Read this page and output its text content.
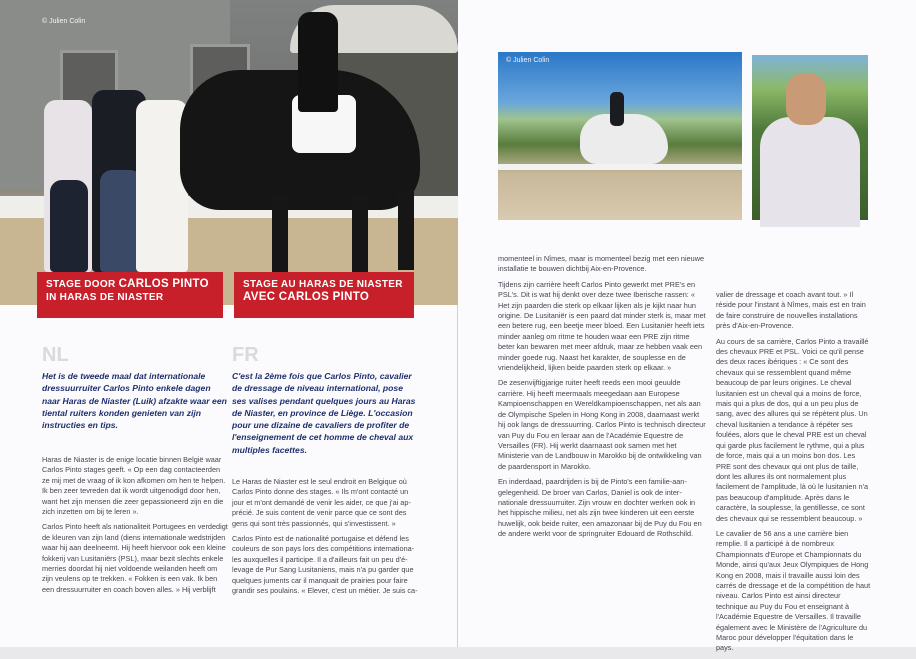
© Julien Colin
STAGE DOOR CARLOS PINTO
IN HARAS DE NIASTER
STAGE AU HARAS DE NIASTER
AVEC CARLOS PINTO
NL	FR
Het is de tweede maal dat internationale dressuurruiter Carlos Pinto enkele dagen naar Haras de Niaster (Luik) afzakte waar een tiental ruiters konden genieten van zijn instructies en tips.
C'est la 2ème fois que Carlos Pinto, cavalier de dressage de niveau international, pose ses valises pendant quelques jours au Haras de Niaster, en province de Liège. L'occasion pour une dizaine de cavaliers de profiter de l'enseignement de cet homme de cheval aux multiples facettes.

Haras de Niaster is de enige locatie binnen België waar Carlos Pinto stages geeft. « Op een dag contacteerden ze mij met de vraag of ik kon afkomen om hen te helpen. Ik ben zeer tevreden dat ik wordt uitgenodigd door hen, want het zijn mensen die zeer gepassioneerd zijn en die zich inzetten om bij te leren ».

Carlos Pinto heeft als nationaliteit Portugees en verdedigt de kleuren van zijn land (diens internationale wedstrijden waar hij aan deelneemt. Hij heeft hiervoor ook een kleine fokkerij van Lusitaniërs (PSL), maar bezit slechts enkele merries doordat hij niet voldoende weilanden heeft om zijn veulens op te trekken. « Fokken is een vak. Ik ben een dressuurruiter en coach boven alles. » Hij verblijft

Le Haras de Niaster est le seul endroit en Belgique où Carlos Pinto donne des stages. « Ils m'ont contacté un jour et m'ont demandé de venir les aider, ce que j'ai apprécié. Je suis content de venir parce que ce sont des gens qui sont très passionnés, qui s'investissent. »

Carlos Pinto est de nationalité portugaise et défend les couleurs de son pays lors des compétitions internationales auxquelles il participe. Il a d'ailleurs fait un peu d'élevage de Pur Sang Lusitaniens, mais n'a pu garder que quelques juments car il manquait de prairies pour faire grandir ses poulains. « Elever, c'est un métier. Je suis ca-

© Julien Colin

momenteel in Nîmes, maar is momenteel bezig met een nieuwe installatie te bouwen dichtbij Aix-en-Provence.

Tijdens zijn carrière heeft Carlos Pinto gewerkt met PRE's en PSL's. Dit is wat hij denkt over deze twee Iberische rassen: « Het zijn paarden die sterk op elkaar lijken als je kijkt naar hun origine. De Lusitaniër is een paard dat minder sterk is, maar met een betere rug, een beetje meer bloed. Een Lusitaniër heeft iets minder aanleg om ritme te houden waar een PRE zijn ritme beter kan bewaren met meer afdruk, maar ze hebben vaak een minder goede rug. Naast het karakter, de souplesse en de vriendelijkheid, lijken beide paarden sterk op elkaar. »

De zesenvijftigjarige ruiter heeft reeds een mooi geuulde carrière. Hij heeft meermaals meegedaan aan Europese Kampioenschappen en Wereldkampioenschappen, net als aan de Olympische Spelen in Hong Kong in 2008, daarnaast werkt hij ook langs de dressuurring. Carlos Pinto is technisch directeur van Puy du Fou en leraar aan de l'Académie Equestre de Versailles (FR). Hij werkt daarnaast ook samen met het Ministerie van de Landbouw in Marokko bij de ontwikkeling van de paardensport in Marokko.

En inderdaad, paardrijden is bij de Pinto's een familie-aangelegenheid. De broer van Carlos, Daniel is ook de internationale dressuurruiter. Zijn vrouw en dochter werken ook in het hippische milieu, net als zijn twee kinderen uit een eerste huwelijk, ook beide ruiter, een amazonaar bij de Puy du Fou en de andere werkt voor de springruiter Edouard de Rothschild.

valier de dressage et coach avant tout. » Il réside pour l'instant à Nîmes, mais est en train de faire construire de nouvelles installations près d'Aix-en-Provence.

Au cours de sa carrière, Carlos Pinto a travaillé des chevaux PRE et PSL. Voici ce qu'il pense des deux races ibériques : « Ce sont des chevaux qui se ressemblent quand même beaucoup de par leurs origines. Le cheval lusitanien est un cheval qui a moins de force, mais qui a plus de dos, qui a un peu plus de sang, avec des allures qui se répètent plus. Un cheval lusitanien a tendance à répéter ses foulées, alors que le cheval PRE est un cheval qui garde plus facilement le rythme, qui a plus de force, mais qui a un moins bon dos. Les PRE sont des chevaux qui ont plus de taille, dont les allures ils ont normalement plus facilement de l'amplitude, là où le lusitanien n'a pas beaucoup d'amplitude. Après dans le caractère, la souplesse, la gentillesse, ce sont des chevaux qui se ressemblent beaucoup. »

Le cavalier de 56 ans a une carrière bien remplie. Il a participé à de nombreux Championnats d'Europe et Championnats du Monde, ainsi qu'aux Jeux Olympiques de Hong Kong en 2008, mais il travaille aussi loin des carrés de dressage et de la compétition de haut niveau. Carlos Pinto est ainsi directeur technique au Puy du Fou et enseignant à l'Académie Equestre de Versailles. Il travaille également avec le Ministère de l'Agriculture du Maroc pour développer l'équitation dans le pays.
